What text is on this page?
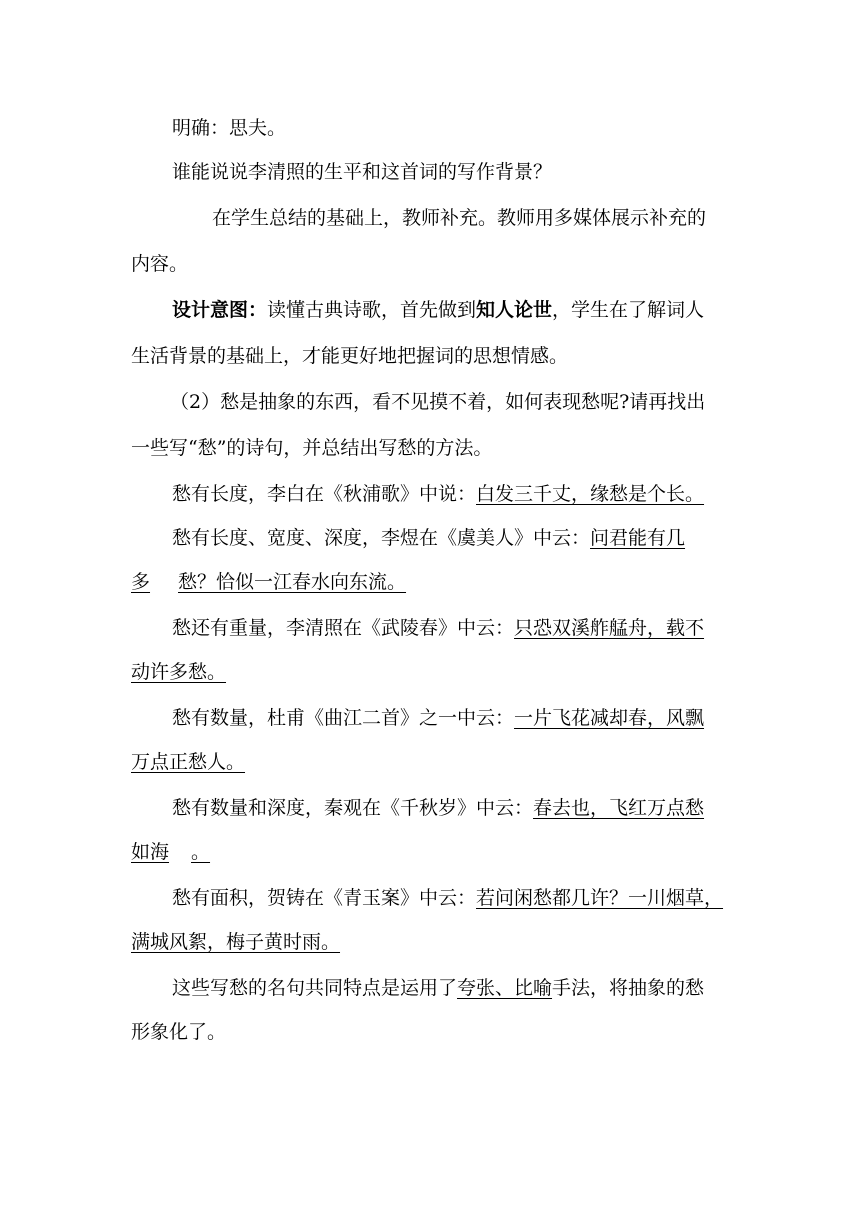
明确：思夫。
谁能说说李清照的生平和这首词的写作背景？
在学生总结的基础上，教师补充。教师用多媒体展示补充的
内容。
设计意图：读懂古典诗歌，首先做到知人论世，学生在了解词人
生活背景的基础上，才能更好地把握词的思想情感。
（2）愁是抽象的东西，看不见摸不着，如何表现愁呢?请再找出
一些写“愁”的诗句，并总结出写愁的方法。
愁有长度，李白在《秋浦歌》中说：白发三千丈，缘愁是个长。
愁有长度、宽度、深度，李煜在《虞美人》中云：问君能有几
多 愁？恰似一江春水向东流。
愁还有重量，李清照在《武陵春》中云：只恐双溪舴艋舟，载不
动许多愁。
愁有数量，杜甫《曲江二首》之一中云：一片飞花减却春，风飘
万点正愁人。
愁有数量和深度，秦观在《千秋岁》中云：春去也，飞红万点愁
如海 。
愁有面积，贺铸在《青玉案》中云：若问闲愁都几许？一川烟草，
满城风絮，梅子黄时雨。
这些写愁的名句共同特点是运用了夸张、比喻手法，将抽象的愁
形象化了。
